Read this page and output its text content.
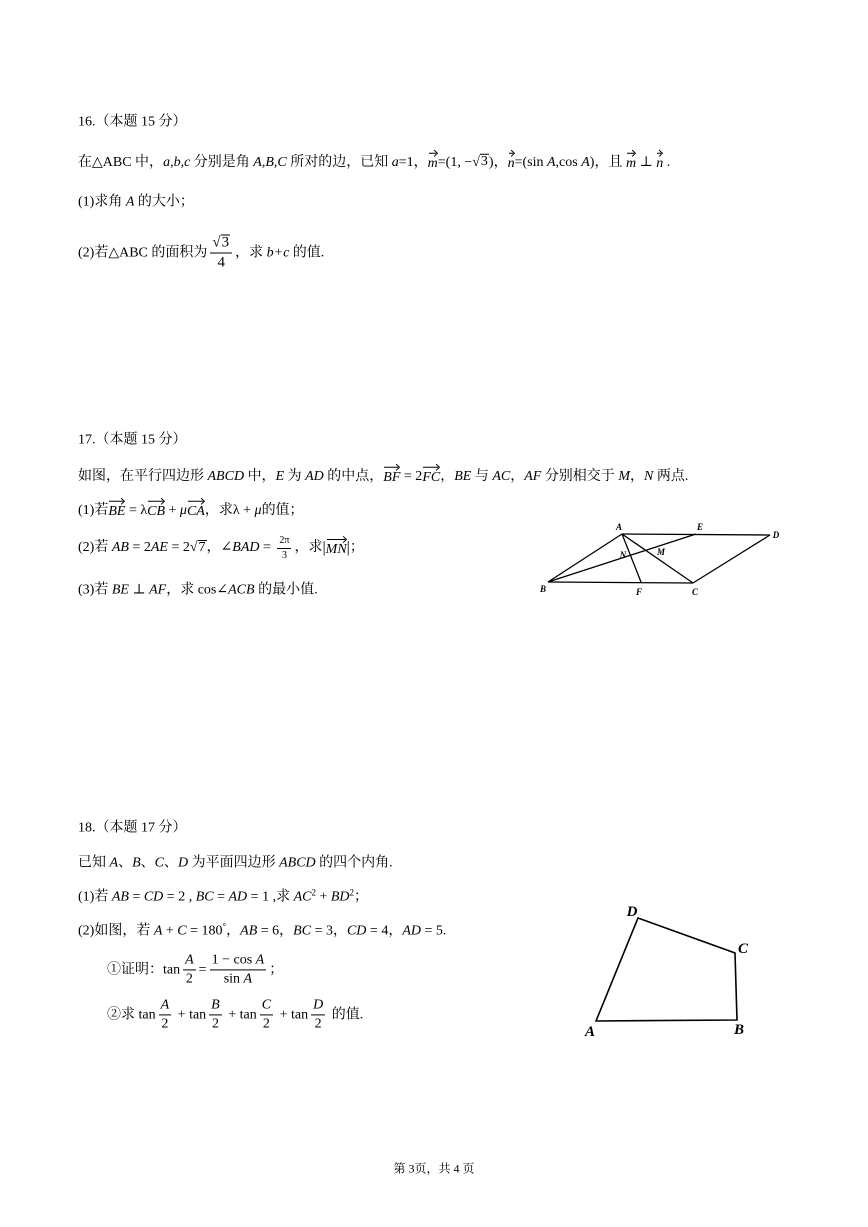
16.（本题 15 分）
在△ABC 中， a,b,c 分别是角 A,B,C 所对的边，已知 a =1， m =(1, − √ 3 )， n =(sin A ,cos A )，且 m ⊥ n .
(1)求角 A 的大小；
(2)若△ABC 的面积为 $\frac{√ 3}{4}$ ，求 b+c 的值.
17.（本题 15 分）
如图，在平行四边形 ABCD 中， E 为 AD 的中点， BF = 2 FC ， BE 与 AC ， AF 分别相交于 M ， N 两点.
(1)若 BE = λ CB + μ CA ，求λ + μ 的值；
(2)若 AB = 2 AE = 2 √ 7 ，∠ BAD = $\frac{2\pi}{3}$ ，求 | MN | ；
(3)若 BE ⊥ AF ，求 cos∠ ACB 的最小值.
A	E
D
B	F	C
N	M
18.（本题 17 分）
已知 A 、 B 、 C 、 D 为平面四边形 ABCD 的四个内角.
(1)若 AB = CD = 2 , BC = AD = 1 ,求 AC 2 + BD 2 ；
(2)如图，若 A + C = 180 ° ， AB = 6， BC = 3， CD = 4， AD = 5.
①证明： $\tan \frac{A}{2} = \frac{\text{1 − cos A}}{\text{sin A}}$ ；
②求 $\tan \frac{A}{2} + \tan \frac{B}{2} + \tan \frac{C}{2} + \tan \frac{D}{2}$ 的值.
D
C
A	B
第 3页，共 4 页
